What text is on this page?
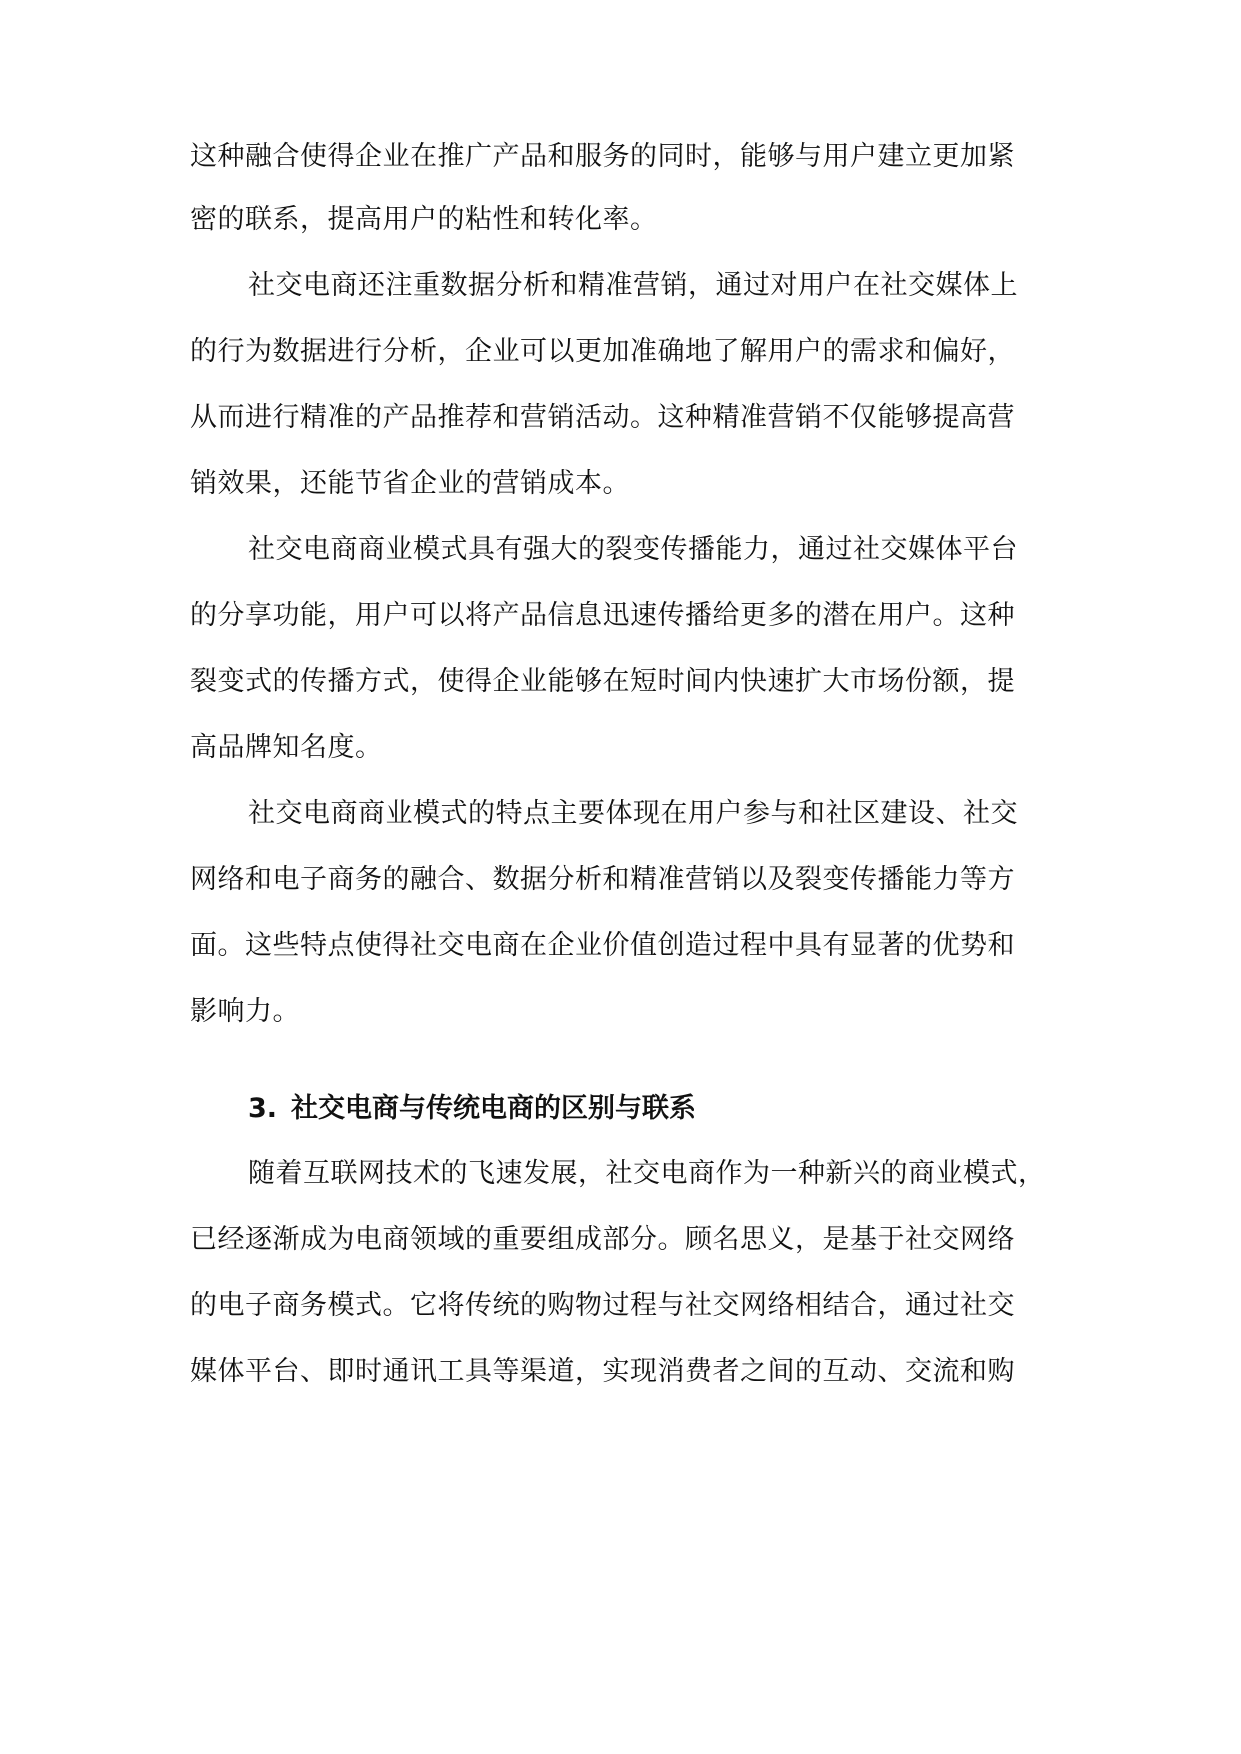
这种融合使得企业在推广产品和服务的同时，能够与用户建立更加紧
密的联系，提高用户的粘性和转化率。
社交电商还注重数据分析和精准营销，通过对用户在社交媒体上
的行为数据进行分析，企业可以更加准确地了解用户的需求和偏好，
从而进行精准的产品推荐和营销活动。这种精准营销不仅能够提高营
销效果，还能节省企业的营销成本。
社交电商商业模式具有强大的裂变传播能力，通过社交媒体平台
的分享功能，用户可以将产品信息迅速传播给更多的潜在用户。这种
裂变式的传播方式，使得企业能够在短时间内快速扩大市场份额，提
高品牌知名度。
社交电商商业模式的特点主要体现在用户参与和社区建设、社交
网络和电子商务的融合、数据分析和精准营销以及裂变传播能力等方
面。这些特点使得社交电商在企业价值创造过程中具有显著的优势和
影响力。
3. 社交电商与传统电商的区别与联系
随着互联网技术的飞速发展，社交电商作为一种新兴的商业模式，
已经逐渐成为电商领域的重要组成部分。顾名思义，是基于社交网络
的电子商务模式。它将传统的购物过程与社交网络相结合，通过社交
媒体平台、即时通讯工具等渠道，实现消费者之间的互动、交流和购
